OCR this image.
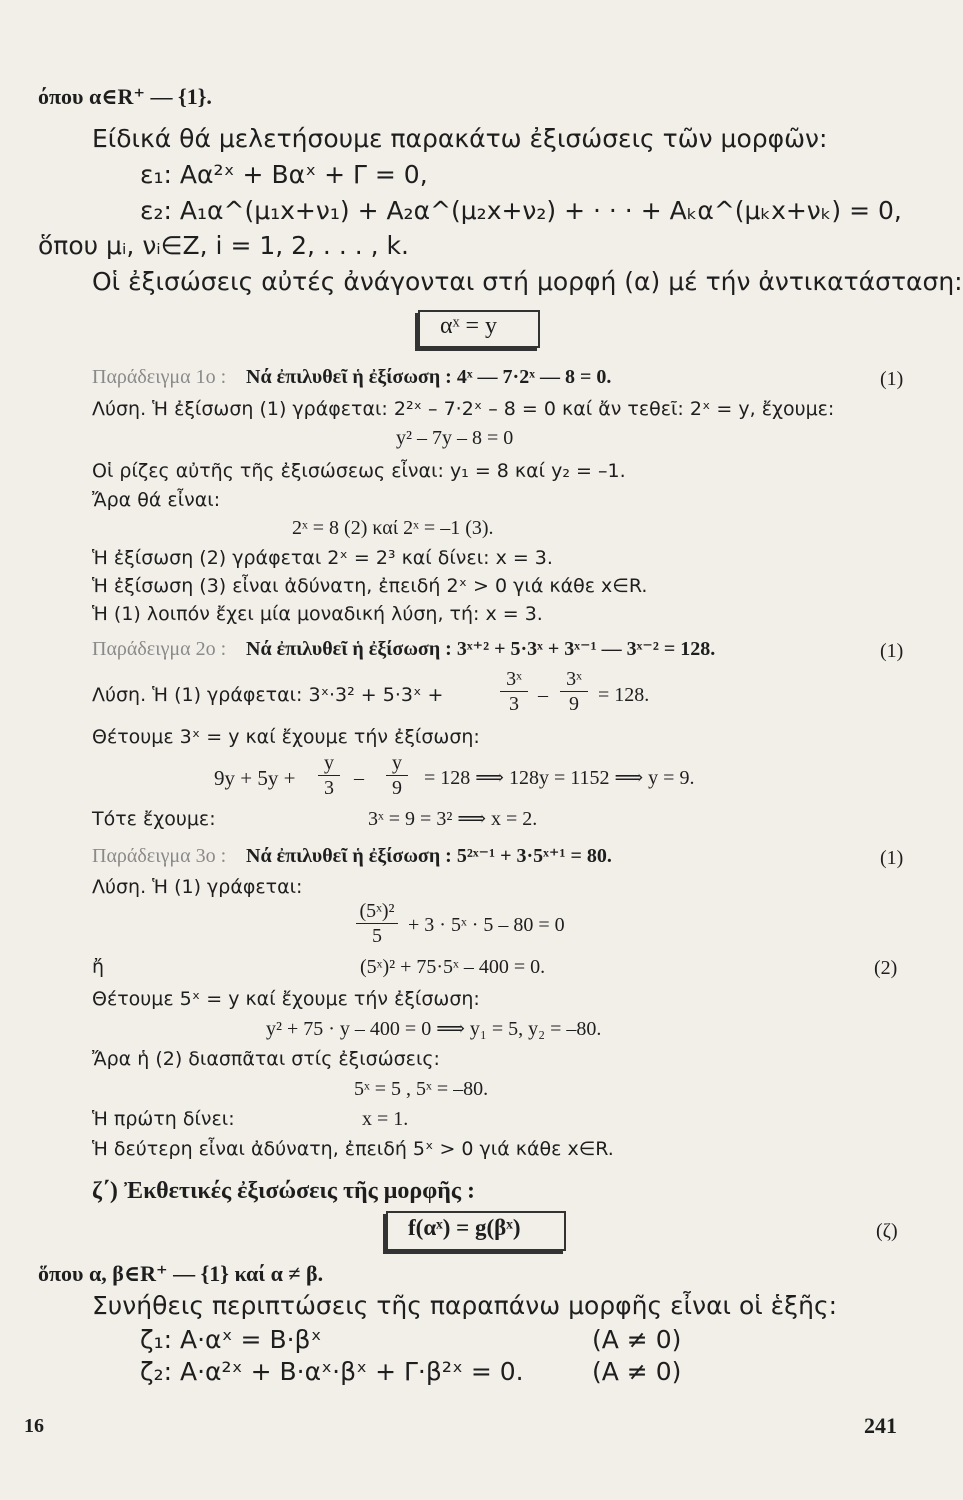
όπου α∈R⁺ — {1}.
Είδικά θά μελετήσουμε παρακάτω ἐξισώσεις τῶν μορφῶν:
ε₁: Αα²ˣ + Βαˣ + Γ = 0,
ε₂: Α₁α^(μ₁x+ν₁) + Α₂α^(μ₂x+ν₂) + · · · + Αₖα^(μₖx+νₖ) = 0,
ὅπου μᵢ, νᵢ∈Z, i = 1, 2, . . . , k.
Οἱ ἐξισώσεις αὐτές ἀνάγονται στή μορφή (α) μέ τήν ἀντικατάσταση:
αˣ = y
Παράδειγμα 1ο : Νά ἐπιλυθεῖ ἡ ἐξίσωση : 4ˣ — 7·2ˣ — 8 = 0.	(1)
Λύση. Ἡ ἐξίσωση (1) γράφεται: 2²ˣ – 7·2ˣ – 8 = 0 καί ἄν τεθεῖ: 2ˣ = y, ἔχουμε:
y² – 7y – 8 = 0
Οἱ ρίζες αὐτῆς τῆς ἐξισώσεως εἶναι: y₁ = 8 καί y₂ = –1.
Ἄρα θά εἶναι:
2ˣ = 8 (2) καί 2ˣ = –1 (3).
Ἡ ἐξίσωση (2) γράφεται 2ˣ = 2³ καί δίνει: x = 3.
Ἡ ἐξίσωση (3) εἶναι ἀδύνατη, ἐπειδή 2ˣ > 0 γιά κάθε x∈R.
Ἡ (1) λοιπόν ἔχει μία μοναδική λύση, τή: x = 3.
Παράδειγμα 2ο : Νά ἐπιλυθεῖ ἡ ἐξίσωση : 3ˣ⁺² + 5·3ˣ + 3ˣ⁻¹ — 3ˣ⁻² = 128.	(1)
Λύση. Ἡ (1) γράφεται: 3ˣ·3² + 5·3ˣ +
3ˣ
3 –
3ˣ
9 = 128.
Θέτουμε 3ˣ = y καί ἔχουμε τήν ἐξίσωση:
9y + 5y +
y
3	–
y
9	= 128 ⟹ 128y = 1152 ⟹ y = 9.
Τότε ἔχουμε:	3ˣ = 9 = 3² ⟹ x = 2.
Παράδειγμα 3ο : Νά ἐπιλυθεῖ ἡ ἐξίσωση : 5²ˣ⁻¹ + 3·5ˣ⁺¹ = 80.	(1)
Λύση. Ἡ (1) γράφεται:
(5ˣ)²
5	+ 3 · 5ˣ · 5 – 80 = 0
ἤ	(5ˣ)² + 75·5ˣ – 400 = 0.	(2)
Θέτουμε 5ˣ = y καί ἔχουμε τήν ἐξίσωση:
y² + 75 · y – 400 = 0 ⟹ y₁ = 5, y₂ = –80.
Ἄρα ἡ (2) διασπᾶται στίς ἐξισώσεις:
5ˣ = 5 , 5ˣ = –80.
Ἡ πρώτη δίνει:	x = 1.
Ἡ δεύτερη εἶναι ἀδύνατη, ἐπειδή 5ˣ > 0 γιά κάθε x∈R.
ζ΄) Ἐκθετικές ἐξισώσεις τῆς μορφῆς :
f(αˣ) = g(βˣ)	(ζ)
ὅπου α, β∈R⁺ — {1} καί α ≠ β.
Συνήθεις περιπτώσεις τῆς παραπάνω μορφῆς εἶναι οἱ ἑξῆς:
ζ₁: Α·αˣ = Β·βˣ	(Α ≠ 0)
ζ₂: Α·α²ˣ + Β·αˣ·βˣ + Γ·β²ˣ = 0.	(Α ≠ 0)
16	241
